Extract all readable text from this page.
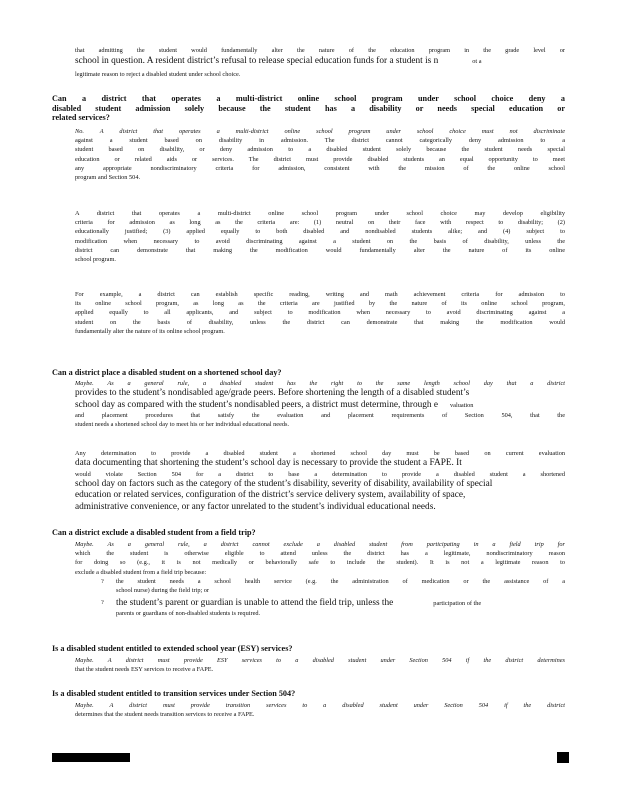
that admitting the student would fundamentally alter the nature of the education program in the grade level or
school in question. A resident district’s refusal to release special education funds for a student is n	ot a
legitimate reason to reject a disabled student under school choice.
Can a district that operates a multi-district online school program under school choice deny a
disabled student admission solely because the student has a disability or needs special education or
related services?
No. A district that operates a multi-district online school program under school choice must not discriminate
against a student based on disability in admission. The district cannot categorically deny admission to a
student based on disability, or deny admission to a disabled student solely because the student needs special
education or related aids or services. The district must provide disabled students an equal opportunity to meet
any appropriate nondiscriminatory criteria for admission, consistent with the mission of the online school
program and Section 504.
A district that operates a multi-district online school program under school choice may develop eligibility
criteria for admission as long as the criteria are: (1) neutral on their face with respect to disability; (2)
educationally justified; (3) applied equally to both disabled and nondisabled students alike; and (4) subject to
modification when necessary to avoid discriminating against a student on the basis of disability, unless the
district can demonstrate that making the modification would fundamentally alter the nature of its online
school program.
For example, a district can establish specific reading, writing and math achievement criteria for admission to
its online school program, as long as the criteria are justified by the nature of its online school program,
applied equally to all applicants, and subject to modification when necessary to avoid discriminating against a
student on the basis of disability, unless the district can demonstrate that making the modification would
fundamentally alter the nature of its online school program.
Can a district place a disabled student on a shortened school day?
Maybe. As a general rule, a disabled student has the right to the same length school day that a district
provides to the student’s nondisabled age/grade peers. Before shortening the length of a disabled student’s
school day as compared with the student’s nondisabled peers, a district must determine, through e valuation
and placement procedures that satisfy the evaluation and placement requirements of Section 504, that the
student needs a shortened school day to meet his or her individual educational needs.
Any determination to provide a disabled student a shortened school day must be based on current evaluation
data documenting that shortening the student’s school day is necessary to provide the student a FAPE. It
would violate Section 504 for a district to base a determination to provide a disabled student a shortened
school day on factors such as the category of the student’s disability, severity of disability, availability of special
education or related services, configuration of the district’s service delivery system, availability of space,
administrative convenience, or any factor unrelated to the student’s individual educational needs.
Can a district exclude a disabled student from a field trip?
Maybe. As a general rule, a district cannot exclude a disabled student from participating in a field trip for
which the student is otherwise eligible to attend unless the district has a legitimate, nondiscriminatory reason
for doing so (e.g., it is not medically or behaviorally safe to include the student). It is not a legitimate reason to
exclude a disabled student from a field trip because:
? the student needs a school health service (e.g. the administration of medication or the assistance of a
school nurse) during the field trip; or
? the student’s parent or guardian is unable to attend the field trip, unless the	participation of the
parents or guardians of non-disabled students is required.
Is a disabled student entitled to extended school year (ESY) services?
Maybe. A district must provide ESY services to a disabled student under Section 504 if the district determines
that the student needs ESY services to receive a FAPE.
Is a disabled student entitled to transition services under Section 504?
Maybe. A district must provide transition services to a disabled student under Section 504 if the district
determines that the student needs transition services to receive a FAPE.
